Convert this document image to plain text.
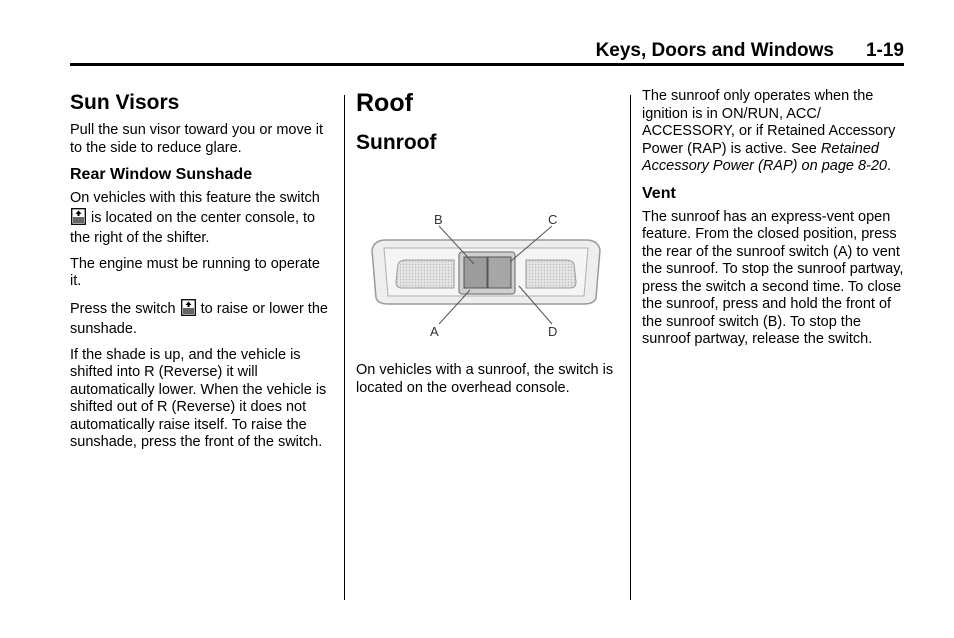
Keys, Doors and Windows 1-19
Sun Visors

Pull the sun visor toward you or move it to the side to reduce glare.

Rear Window Sunshade

On vehicles with this feature the switch  is located on the center console, to the right of the shifter.

The engine must be running to operate it.

Press the switch  to raise or lower the sunshade.

If the shade is up, and the vehicle is shifted into R (Reverse) it will automatically lower. When the vehicle is shifted out of R (Reverse) it does not automatically raise itself. To raise the sunshade, press the front of the switch.

Roof
Sunroof
B	C
A	D

On vehicles with a sunroof, the switch is located on the overhead console.

The sunroof only operates when the ignition is in ON/RUN, ACC/ ACCESSORY, or if Retained Accessory Power (RAP) is active. See Retained Accessory Power (RAP) on page 8-20.

Vent

The sunroof has an express-vent open feature. From the closed position, press the rear of the sunroof switch (A) to vent the sunroof. To stop the sunroof partway, press the switch a second time. To close the sunroof, press and hold the front of the sunroof switch (B). To stop the sunroof partway, release the switch.
